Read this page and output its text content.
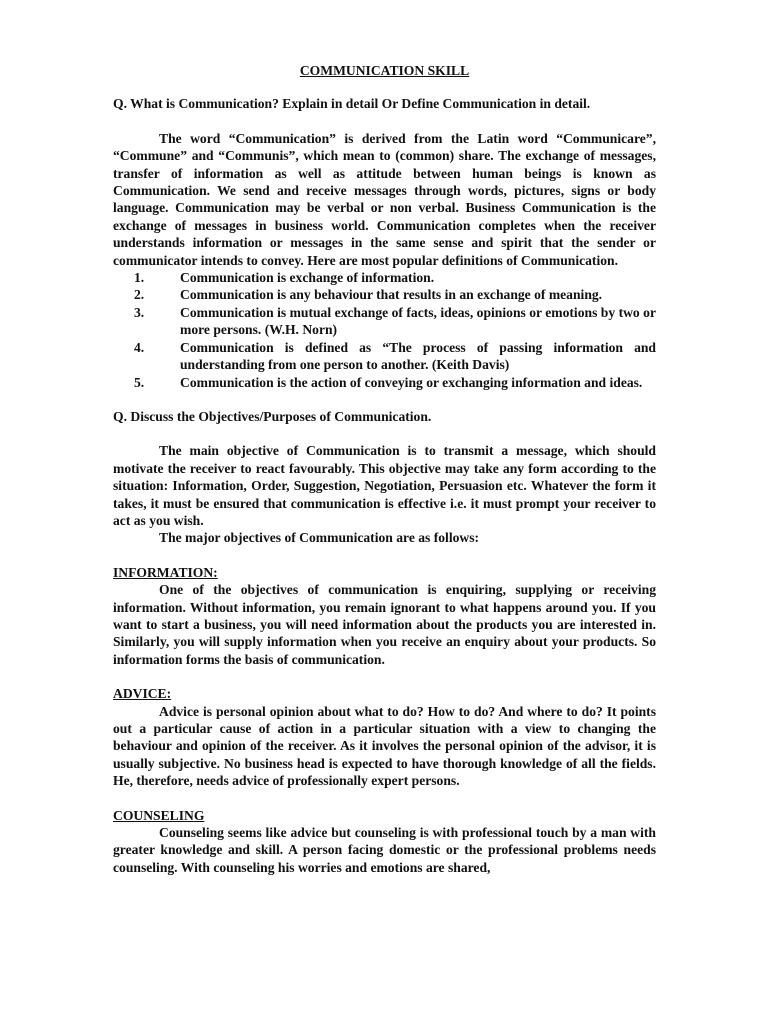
COMMUNICATION SKILL

Q. What is Communication? Explain in detail Or Define Communication in detail.

The word “Communication” is derived from the Latin word “Communicare”, “Commune” and “Communis”, which mean to (common) share. The exchange of messages, transfer of information as well as attitude between human beings is known as Communication. We send and receive messages through words, pictures, signs or body language. Communication may be verbal or non verbal. Business Communication is the exchange of messages in business world. Communication completes when the receiver understands information or messages in the same sense and spirit that the sender or communicator intends to convey. Here are most popular definitions of Communication.

1.	Communication is exchange of information.
2.	Communication is any behaviour that results in an exchange of meaning.
3.	Communication is mutual exchange of facts, ideas, opinions or emotions by two or more persons. (W.H. Norn)
4.	Communication is defined as “The process of passing information and understanding from one person to another. (Keith Davis)
5.	Communication is the action of conveying or exchanging information and ideas.

Q. Discuss the Objectives/Purposes of Communication.

The main objective of Communication is to transmit a message, which should motivate the receiver to react favourably. This objective may take any form according to the situation: Information, Order, Suggestion, Negotiation, Persuasion etc. Whatever the form it takes, it must be ensured that communication is effective i.e. it must prompt your receiver to act as you wish.

The major objectives of Communication are as follows:

INFORMATION:

One of the objectives of communication is enquiring, supplying or receiving information. Without information, you remain ignorant to what happens around you. If you want to start a business, you will need information about the products you are interested in. Similarly, you will supply information when you receive an enquiry about your products. So information forms the basis of communication.

ADVICE:

Advice is personal opinion about what to do? How to do? And where to do? It points out a particular cause of action in a particular situation with a view to changing the behaviour and opinion of the receiver. As it involves the personal opinion of the advisor, it is usually subjective. No business head is expected to have thorough knowledge of all the fields. He, therefore, needs advice of professionally expert persons.

COUNSELING

Counseling seems like advice but counseling is with professional touch by a man with greater knowledge and skill. A person facing domestic or the professional problems needs counseling. With counseling his worries and emotions are shared,
